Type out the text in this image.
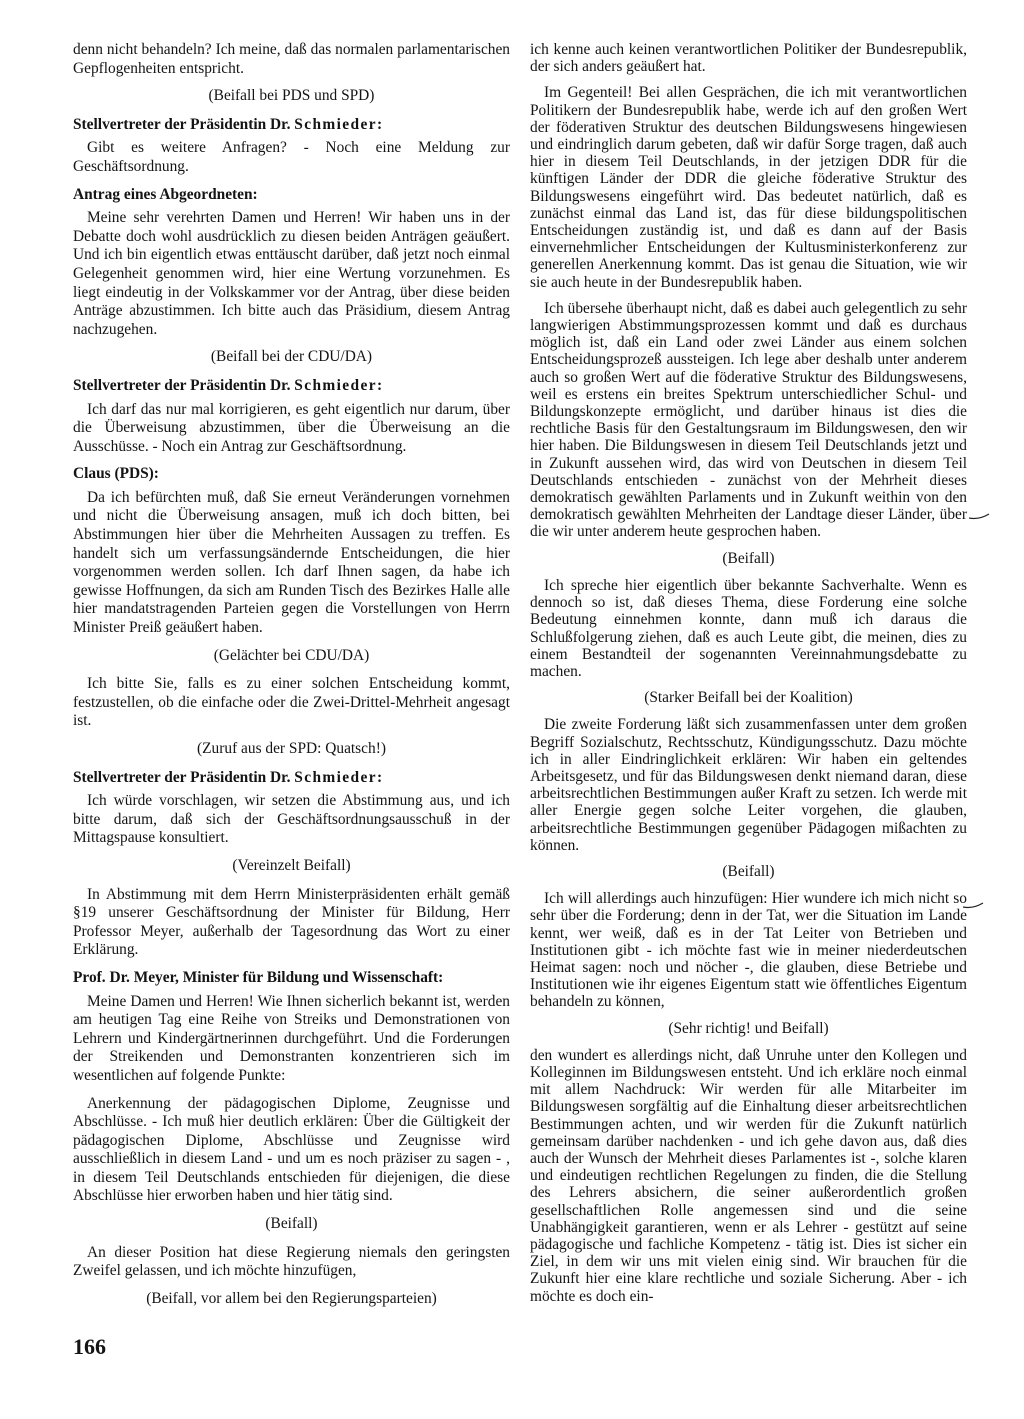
denn nicht behandeln? Ich meine, daß das normalen parlamentarischen Gepflogenheiten entspricht.

(Beifall bei PDS und SPD)

Stellvertreter der Präsidentin Dr. Schmieder:

Gibt es weitere Anfragen? - Noch eine Meldung zur Geschäftsordnung.

Antrag eines Abgeordneten:

Meine sehr verehrten Damen und Herren! Wir haben uns in der Debatte doch wohl ausdrücklich zu diesen beiden Anträgen geäußert. Und ich bin eigentlich etwas enttäuscht darüber, daß jetzt noch einmal Gelegenheit genommen wird, hier eine Wertung vorzunehmen. Es liegt eindeutig in der Volkskammer vor der Antrag, über diese beiden Anträge abzustimmen. Ich bitte auch das Präsidium, diesem Antrag nachzugehen.

(Beifall bei der CDU/DA)

Stellvertreter der Präsidentin Dr. Schmieder:

Ich darf das nur mal korrigieren, es geht eigentlich nur darum, über die Überweisung abzustimmen, über die Überweisung an die Ausschüsse. - Noch ein Antrag zur Geschäftsordnung.

Claus (PDS):

Da ich befürchten muß, daß Sie erneut Veränderungen vornehmen und nicht die Überweisung ansagen, muß ich doch bitten, bei Abstimmungen hier über die Mehrheiten Aussagen zu treffen. Es handelt sich um verfassungsändernde Entscheidungen, die hier vorgenommen werden sollen. Ich darf Ihnen sagen, da habe ich gewisse Hoffnungen, da sich am Runden Tisch des Bezirkes Halle alle hier mandatstragenden Parteien gegen die Vorstellungen von Herrn Minister Preiß geäußert haben.

(Gelächter bei CDU/DA)

Ich bitte Sie, falls es zu einer solchen Entscheidung kommt, festzustellen, ob die einfache oder die Zwei-Drittel-Mehrheit angesagt ist.

(Zuruf aus der SPD: Quatsch!)

Stellvertreter der Präsidentin Dr. Schmieder:

Ich würde vorschlagen, wir setzen die Abstimmung aus, und ich bitte darum, daß sich der Geschäftsordnungsausschuß in der Mittagspause konsultiert.

(Vereinzelt Beifall)

In Abstimmung mit dem Herrn Ministerpräsidenten erhält gemäß §19 unserer Geschäftsordnung der Minister für Bildung, Herr Professor Meyer, außerhalb der Tagesordnung das Wort zu einer Erklärung.

Prof. Dr. Meyer, Minister für Bildung und Wissenschaft:

Meine Damen und Herren! Wie Ihnen sicherlich bekannt ist, werden am heutigen Tag eine Reihe von Streiks und Demonstrationen von Lehrern und Kindergärtnerinnen durchgeführt. Und die Forderungen der Streikenden und Demonstranten konzentrieren sich im wesentlichen auf folgende Punkte:

Anerkennung der pädagogischen Diplome, Zeugnisse und Abschlüsse. - Ich muß hier deutlich erklären: Über die Gültigkeit der pädagogischen Diplome, Abschlüsse und Zeugnisse wird ausschließlich in diesem Land - und um es noch präziser zu sagen - , in diesem Teil Deutschlands entschieden für diejenigen, die diese Abschlüsse hier erworben haben und hier tätig sind.

(Beifall)

An dieser Position hat diese Regierung niemals den geringsten Zweifel gelassen, und ich möchte hinzufügen,

(Beifall, vor allem bei den Regierungsparteien)

ich kenne auch keinen verantwortlichen Politiker der Bundesrepublik, der sich anders geäußert hat.

Im Gegenteil! Bei allen Gesprächen, die ich mit verantwortlichen Politikern der Bundesrepublik habe, werde ich auf den großen Wert der föderativen Struktur des deutschen Bildungswesens hingewiesen und eindringlich darum gebeten, daß wir dafür Sorge tragen, daß auch hier in diesem Teil Deutschlands, in der jetzigen DDR für die künftigen Länder der DDR die gleiche föderative Struktur des Bildungswesens eingeführt wird. Das bedeutet natürlich, daß es zunächst einmal das Land ist, das für diese bildungspolitischen Entscheidungen zuständig ist, und daß es dann auf der Basis einvernehmlicher Entscheidungen der Kultusministerkonferenz zur generellen Anerkennung kommt. Das ist genau die Situation, wie wir sie auch heute in der Bundesrepublik haben.

Ich übersehe überhaupt nicht, daß es dabei auch gelegentlich zu sehr langwierigen Abstimmungsprozessen kommt und daß es durchaus möglich ist, daß ein Land oder zwei Länder aus einem solchen Entscheidungsprozeß aussteigen. Ich lege aber deshalb unter anderem auch so großen Wert auf die föderative Struktur des Bildungswesens, weil es erstens ein breites Spektrum unterschiedlicher Schul- und Bildungskonzepte ermöglicht, und darüber hinaus ist dies die rechtliche Basis für den Gestaltungsraum im Bildungswesen, den wir hier haben. Die Bildungswesen in diesem Teil Deutschlands jetzt und in Zukunft aussehen wird, das wird von Deutschen in diesem Teil Deutschlands entschieden - zunächst von der Mehrheit dieses demokratisch gewählten Parlaments und in Zukunft weithin von den demokratisch gewählten Mehrheiten der Landtage dieser Länder, über die wir unter anderem heute gesprochen haben.

(Beifall)

Ich spreche hier eigentlich über bekannte Sachverhalte. Wenn es dennoch so ist, daß dieses Thema, diese Forderung eine solche Bedeutung einnehmen konnte, dann muß ich daraus die Schlußfolgerung ziehen, daß es auch Leute gibt, die meinen, dies zu einem Bestandteil der sogenannten Vereinnahmungsdebatte zu machen.

(Starker Beifall bei der Koalition)

Die zweite Forderung läßt sich zusammenfassen unter dem großen Begriff Sozialschutz, Rechtsschutz, Kündigungsschutz. Dazu möchte ich in aller Eindringlichkeit erklären: Wir haben ein geltendes Arbeitsgesetz, und für das Bildungswesen denkt niemand daran, diese arbeitsrechtlichen Bestimmungen außer Kraft zu setzen. Ich werde mit aller Energie gegen solche Leiter vorgehen, die glauben, arbeitsrechtliche Bestimmungen gegenüber Pädagogen mißachten zu können.

(Beifall)

Ich will allerdings auch hinzufügen: Hier wundere ich mich nicht so sehr über die Forderung; denn in der Tat, wer die Situation im Lande kennt, wer weiß, daß es in der Tat Leiter von Betrieben und Institutionen gibt - ich möchte fast wie in meiner niederdeutschen Heimat sagen: noch und nöcher -, die glauben, diese Betriebe und Institutionen wie ihr eigenes Eigentum statt wie öffentliches Eigentum behandeln zu können,

(Sehr richtig! und Beifall)

den wundert es allerdings nicht, daß Unruhe unter den Kollegen und Kolleginnen im Bildungswesen entsteht. Und ich erkläre noch einmal mit allem Nachdruck: Wir werden für alle Mitarbeiter im Bildungswesen sorgfältig auf die Einhaltung dieser arbeitsrechtlichen Bestimmungen achten, und wir werden für die Zukunft natürlich gemeinsam darüber nachdenken - und ich gehe davon aus, daß dies auch der Wunsch der Mehrheit dieses Parlamentes ist -, solche klaren und eindeutigen rechtlichen Regelungen zu finden, die die Stellung des Lehrers absichern, die seiner außerordentlich großen gesellschaftlichen Rolle angemessen sind und die seine Unabhängigkeit garantieren, wenn er als Lehrer - gestützt auf seine pädagogische und fachliche Kompetenz - tätig ist. Dies ist sicher ein Ziel, in dem wir uns mit vielen einig sind. Wir brauchen für die Zukunft hier eine klare rechtliche und soziale Sicherung. Aber - ich möchte es doch ein-

166
